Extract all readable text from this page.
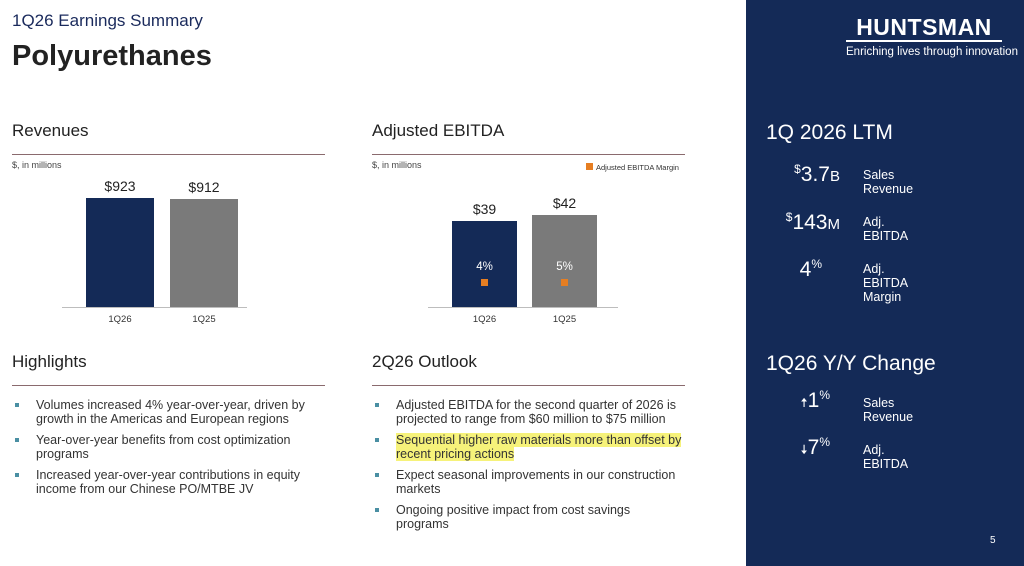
1Q26 Earnings Summary
Polyurethanes
Revenues
$, in millions
$923
1Q26
$912
1Q25
Adjusted EBITDA
$, in millions	Adjusted EBITDA Margin
$39
1Q26
4%
$42
1Q25
5%
Highlights
Volumes increased 4% year-over-year, driven by growth in the Americas and European regions
Year-over-year benefits from cost optimization programs
Increased year-over-year contributions in equity income from our Chinese PO/MTBE JV
2Q26 Outlook
Adjusted EBITDA for the second quarter of 2026 is projected to range from $60 million to $75 million
Sequential higher raw materials more than offset by recent pricing actions
Expect seasonal improvements in our construction markets
Ongoing positive impact from cost savings programs
HUNTSMAN
Enriching lives through innovation
1Q 2026 LTM
$3.7B Sales Revenue
$143M Adj. EBITDA
4%	Adj. EBITDA Margin
1Q26 Y/Y Change
🠅1%
Sales Revenue
🠇7%
Adj. EBITDA
5
